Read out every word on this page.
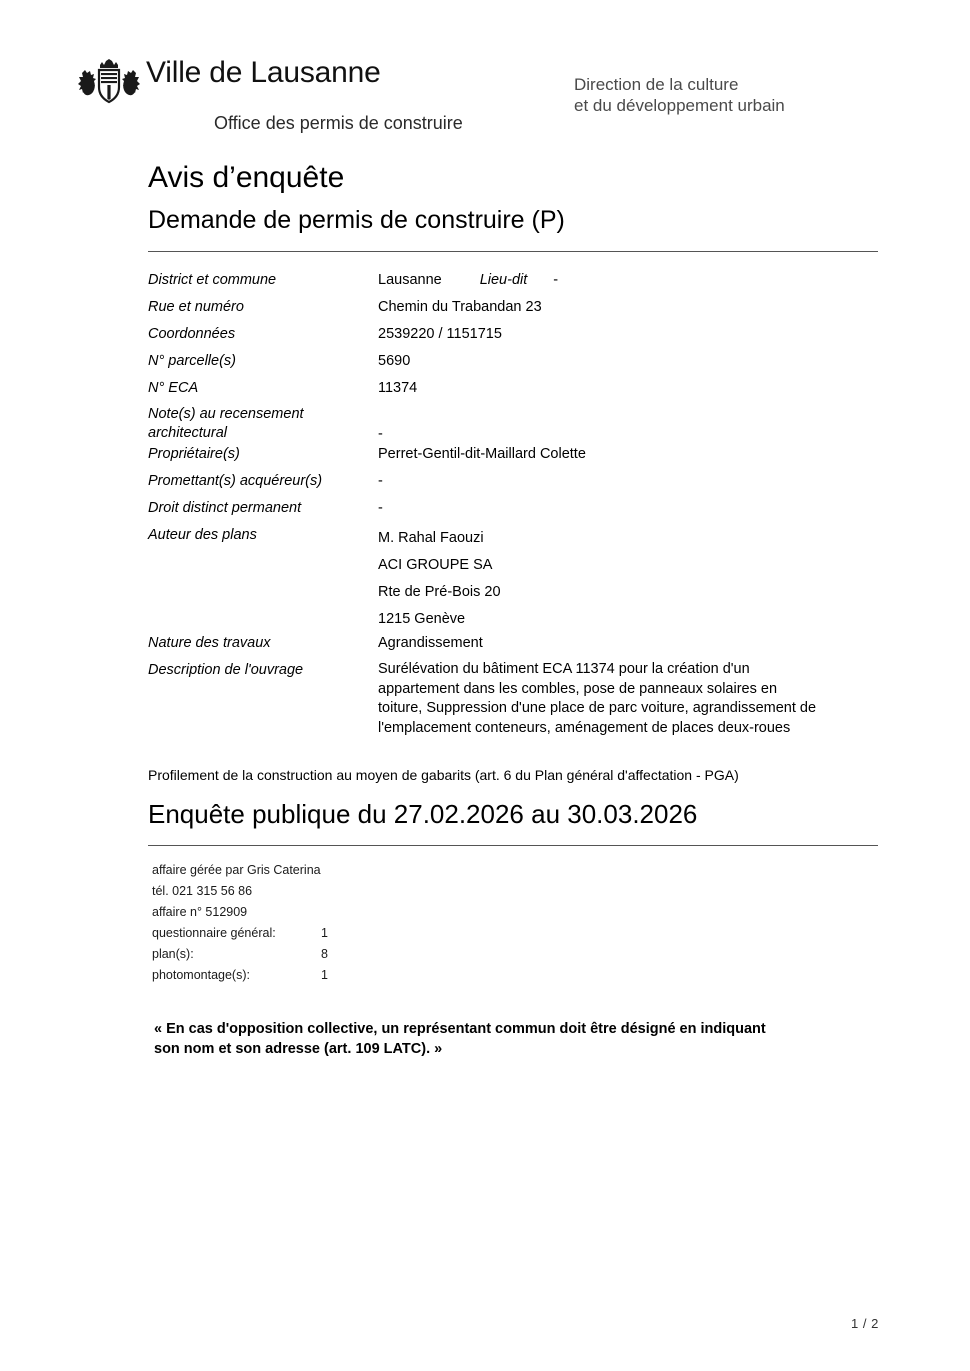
Ville de Lausanne
Office des permis de construire
Direction de la culture
et du développement urbain
Avis d’enquête
Demande de permis de construire (P)
District et commune	Lausanne	Lieu-dit -
Rue et numéro	Chemin du Trabandan 23
Coordonnées	2539220 / 1151715
N° parcelle(s)	5690
N° ECA	11374
Note(s) au recensement
architectural	-
Propriétaire(s)	Perret-Gentil-dit-Maillard Colette
Promettant(s) acquéreur(s)	-
Droit distinct permanent	-
Auteur des plans	M. Rahal Faouzi
ACI GROUPE SA
Rte de Pré-Bois 20
1215 Genève
Nature des travaux	Agrandissement
Description de l'ouvrage	Surélévation du bâtiment ECA 11374 pour la création d'un
appartement dans les combles, pose de panneaux solaires en
toiture, Suppression d'une place de parc voiture, agrandissement de
l'emplacement conteneurs, aménagement de places deux-roues
Profilement de la construction au moyen de gabarits (art. 6 du Plan général d'affectation - PGA)
Enquête publique du 27.02.2026 au 30.03.2026
affaire gérée par Gris Caterina
tél. 021 315 56 86
affaire n° 512909
questionnaire général:	1
plan(s):	8
photomontage(s):	1
« En cas d'opposition collective, un représentant commun doit être désigné en indiquant
son nom et son adresse (art. 109 LATC). »
1 / 2
